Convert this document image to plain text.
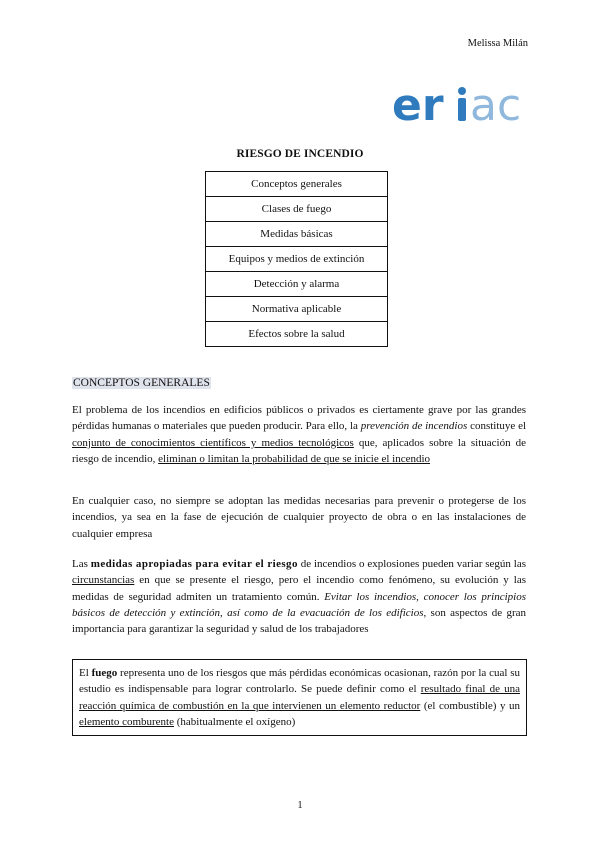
Melissa Milán
er ac
RIESGO DE INCENDIO
Conceptos generales
Clases de fuego
Medidas básicas
Equipos y medios de extinción
Detección y alarma
Normativa aplicable
Efectos sobre la salud
CONCEPTOS GENERALES

El problema de los incendios en edificios públicos o privados es ciertamente grave por las grandes pérdidas humanas o materiales que pueden producir. Para ello, la prevención de incendios constituye el conjunto de conocimientos científicos y medios tecnológicos que, aplicados sobre la situación de riesgo de incendio, eliminan o limitan la probabilidad de que se inicie el incendio

En cualquier caso, no siempre se adoptan las medidas necesarias para prevenir o protegerse de los incendios, ya sea en la fase de ejecución de cualquier proyecto de obra o en las instalaciones de cualquier empresa

Las medidas apropiadas para evitar el riesgo de incendios o explosiones pueden variar según las circunstancias en que se presente el riesgo, pero el incendio como fenómeno, su evolución y las medidas de seguridad admiten un tratamiento común. Evitar los incendios, conocer los principios básicos de detección y extinción, así como de la evacuación de los edificios, son aspectos de gran importancia para garantizar la seguridad y salud de los trabajadores

El fuego representa uno de los riesgos que más pérdidas económicas ocasionan, razón por la cual su estudio es indispensable para lograr controlarlo. Se puede definir como el resultado final de una reacción química de combustión en la que intervienen un elemento reductor (el combustible) y un elemento comburente (habitualmente el oxígeno)

1
